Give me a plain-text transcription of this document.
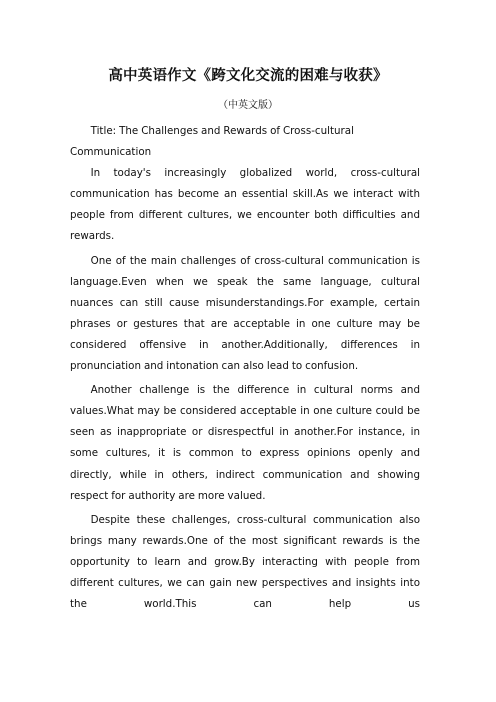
高中英语作文《跨文化交流的困难与收获》
（中英文版）

Title: The Challenges and Rewards of Cross-cultural Communication

In today's increasingly globalized world, cross-cultural communication has become an essential skill.As we interact with people from different cultures, we encounter both difficulties and rewards.

One of the main challenges of cross-cultural communication is language.Even when we speak the same language, cultural nuances can still cause misunderstandings.For example, certain phrases or gestures that are acceptable in one culture may be considered offensive in another.Additionally, differences in pronunciation and intonation can also lead to confusion.

Another challenge is the difference in cultural norms and values.What may be considered acceptable in one culture could be seen as inappropriate or disrespectful in another.For instance, in some cultures, it is common to express opinions openly and directly, while in others, indirect communication and showing respect for authority are more valued.

Despite these challenges, cross-cultural communication also brings many rewards.One of the most significant rewards is the opportunity to learn and grow.By interacting with people from different cultures, we can gain new perspectives and insights into the world.This can help us
